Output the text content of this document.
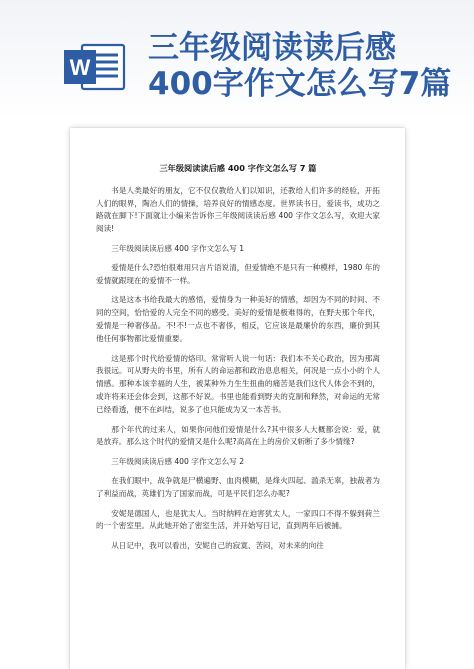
W
三年级阅读读后感
400字作文怎么写7篇
三年级阅读读后感 400 字作文怎么写 7 篇

书是人类最好的朋友，它不仅仅教给人们以知识，还教给人们许多的经验，开拓人们的眼界，陶冶人们的情操，培养良好的情感态度。世界读书日，爱读书，成功之路就在脚下!下面就让小编来告诉你三年级阅读读后感 400 字作文怎么写，欢迎大家阅读!

三年级阅读读后感 400 字作文怎么写 1

爱情是什么?恐怕很难用只言片语说清，但爱情绝不是只有一种模样，1980 年的爱情就跟现在的爱情不一样。

这是这本书给我最大的感悟，爱情身为一种美好的情感，却因为不同的时间、不同的空间，恰恰爱的人完全不同的感受。美好的爱情是极难得的，在野夫那个年代，爱情是一种奢侈品。不!不!一点也不奢侈，相反，它应该是最廉价的东西，廉价到其他任何事物都比爱情重要。

这是那个时代给爱情的烙印。常常听人说一句话：我们本不关心政治，因为那离我很远。可从野夫的书里，所有人的命运都和政治息息相关，何况是一点小小的个人情感。那种本该幸福的人生，被某种外力生生扭曲的痛苦是我们这代人体会不到的，或许将来还会体会到，这都不好说。书里也能看到野夫的克制和释然，对命运的无常已经看透，便不在纠结，说多了也只能成为又一本苦书。

那个年代的过来人，如果你问他们爱情是什么?其中很多人大概都会说：爱，就是放弃。那么这个时代的爱情又是什么呢?高高在上的房价又斩断了多少情缘?

三年级阅读读后感 400 字作文怎么写 2

在我们眼中，战争就是尸横遍野、血肉模糊，是烽火四起、滥杀无辜，独裁者为了利益而战，英雄们为了国家而战，可是平民们怎么办呢?

安妮是德国人，也是犹太人。当时纳粹在迫害犹太人，一家四口不得不躲到荷兰的一个密室里。从此她开始了密室生活，并开始写日记，直到两年后被捕。

从日记中，我可以看出，安妮自己的寂寞、苦闷，对未来的向往
